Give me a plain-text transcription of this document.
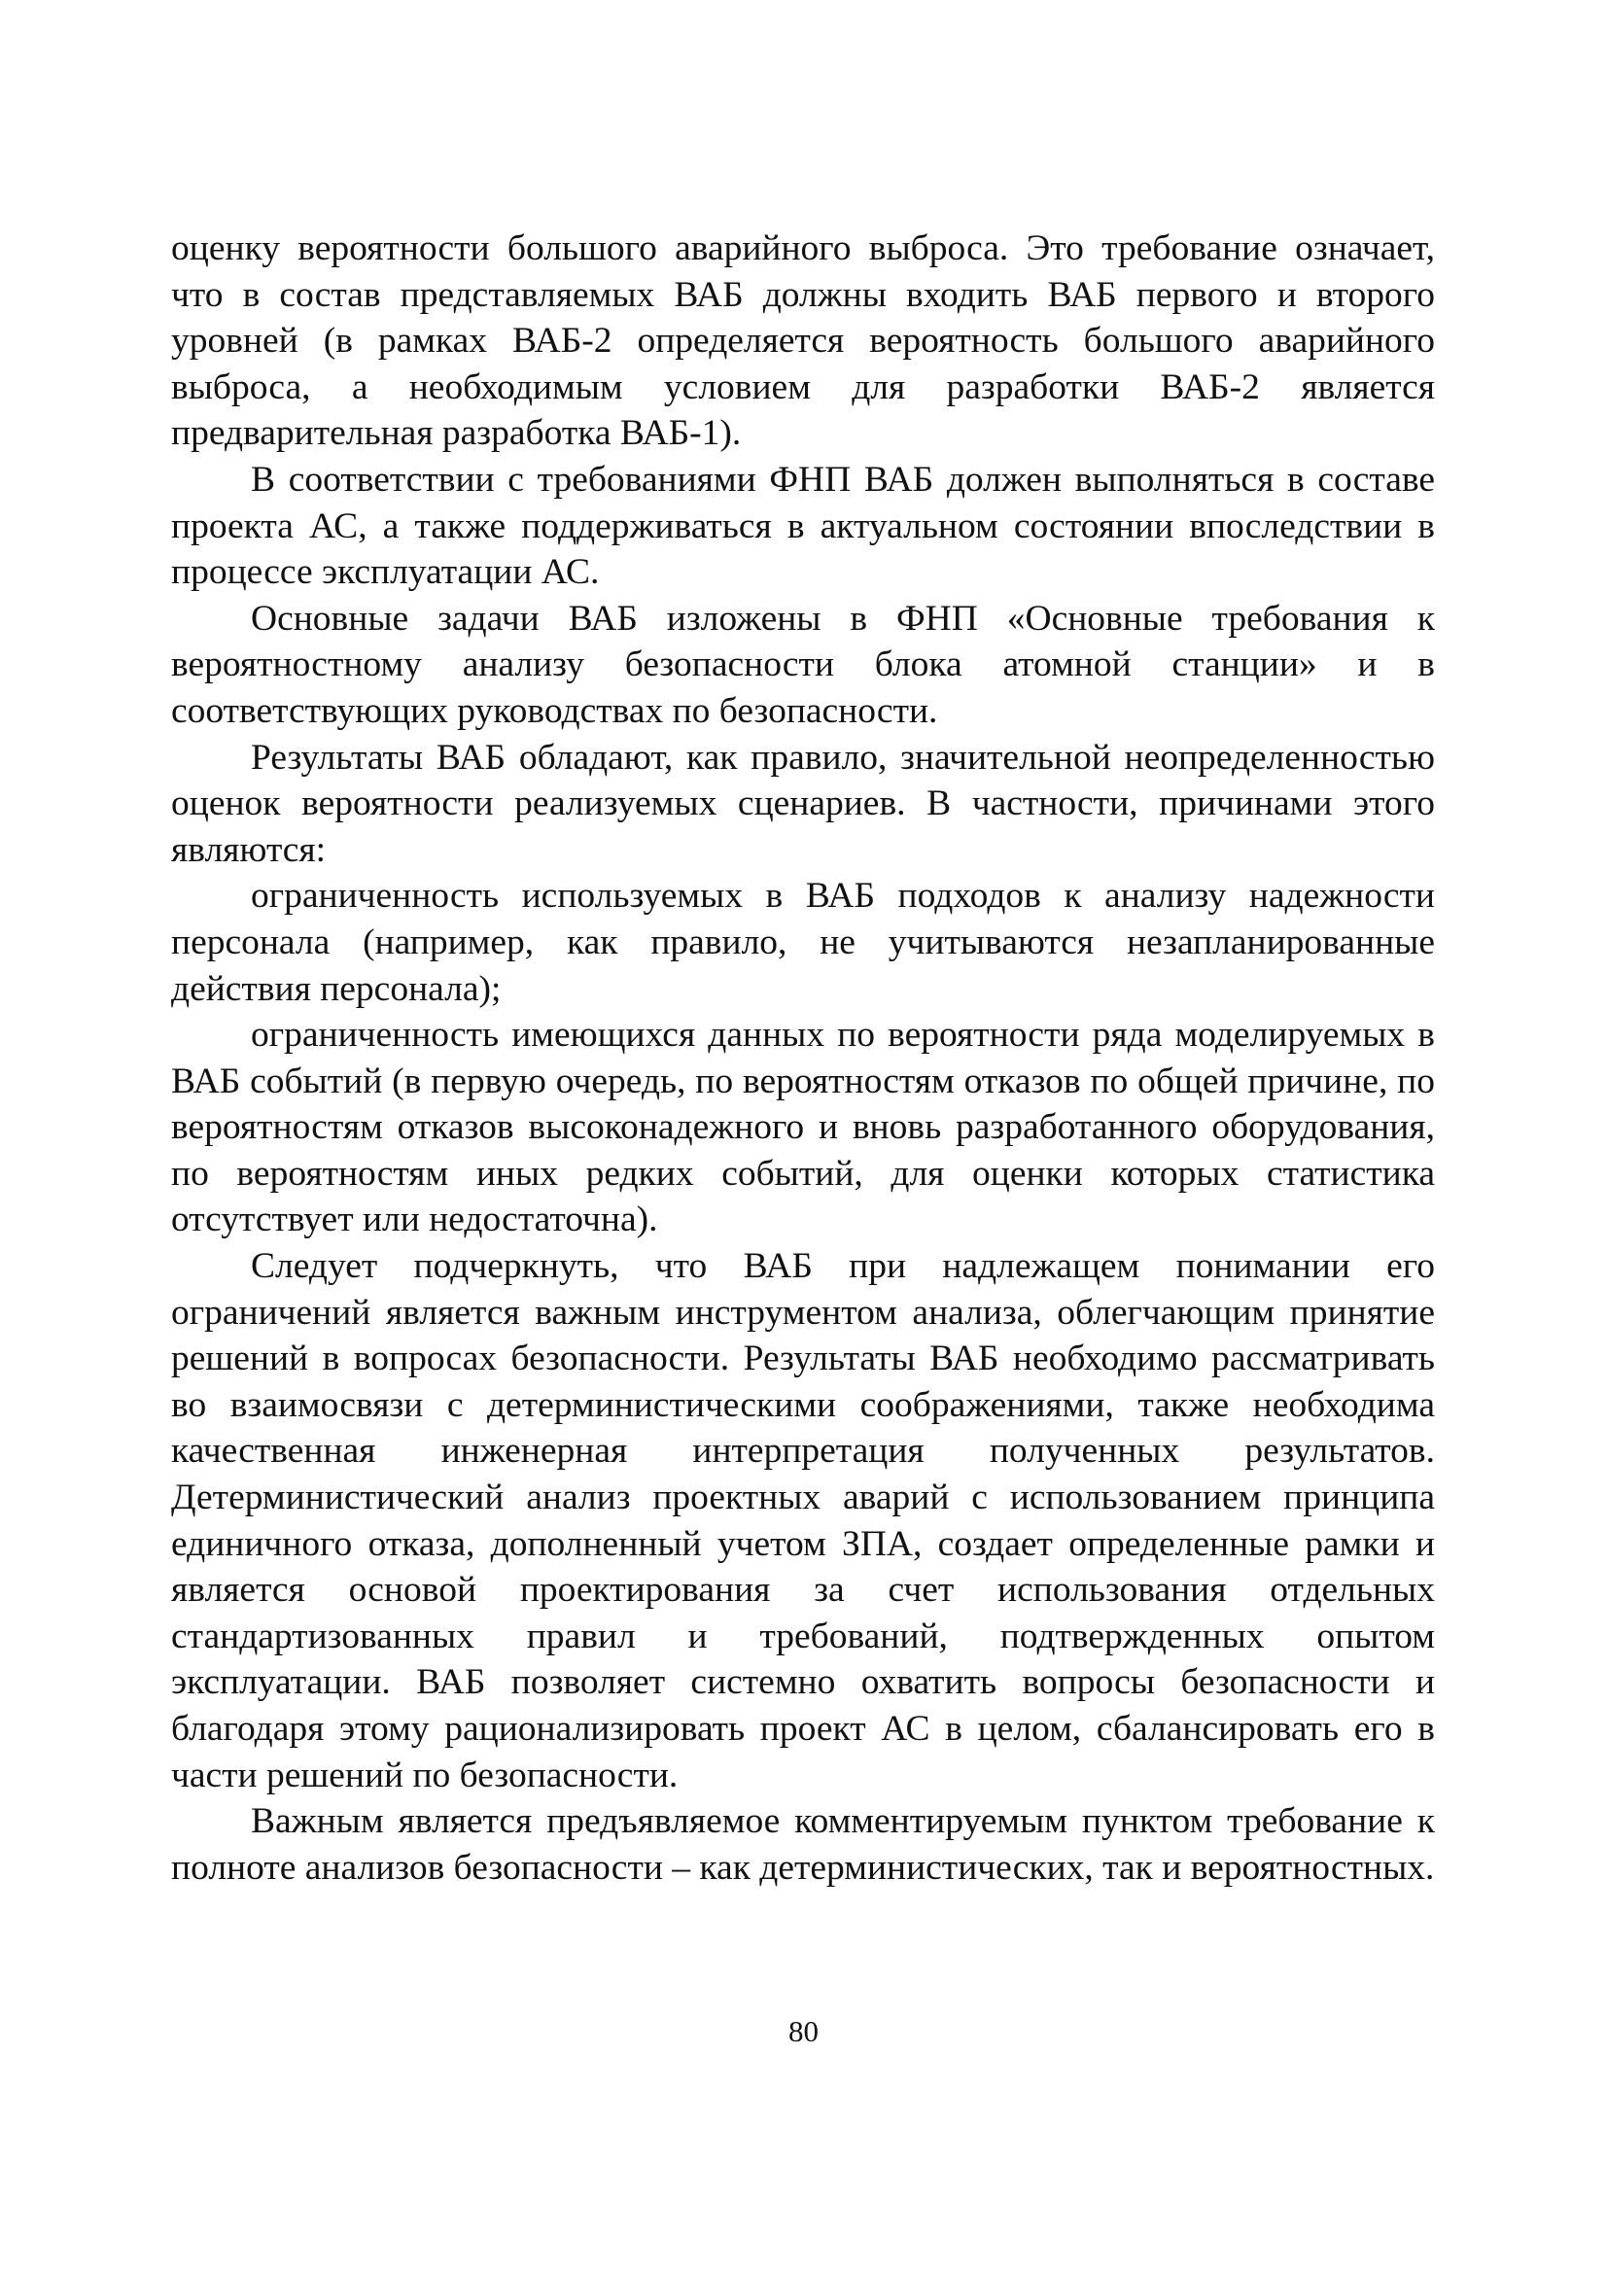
оценку вероятности большого аварийного выброса. Это требование означает, что в состав представляемых ВАБ должны входить ВАБ первого и второго уровней (в рамках ВАБ-2 определяется вероятность большого аварийного выброса, а необходимым условием для разработки ВАБ-2 является предварительная разработка ВАБ-1).

В соответствии с требованиями ФНП ВАБ должен выполняться в составе проекта АС, а также поддерживаться в актуальном состоянии впоследствии в процессе эксплуатации АС.

Основные задачи ВАБ изложены в ФНП «Основные требования к вероятностному анализу безопасности блока атомной станции» и в соответствующих руководствах по безопасности.

Результаты ВАБ обладают, как правило, значительной неопределенностью оценок вероятности реализуемых сценариев. В частности, причинами этого являются:

ограниченность используемых в ВАБ подходов к анализу надежности персонала (например, как правило, не учитываются незапланированные действия персонала);

ограниченность имеющихся данных по вероятности ряда моделируемых в ВАБ событий (в первую очередь, по вероятностям отказов по общей причине, по вероятностям отказов высоконадежного и вновь разработанного оборудования, по вероятностям иных редких событий, для оценки которых статистика отсутствует или недостаточна).

Следует подчеркнуть, что ВАБ при надлежащем понимании его ограничений является важным инструментом анализа, облегчающим принятие решений в вопросах безопасности. Результаты ВАБ необходимо рассматривать во взаимосвязи с детерминистическими соображениями, также необходима качественная инженерная интерпретация полученных результатов. Детерминистический анализ проектных аварий с использованием принципа единичного отказа, дополненный учетом ЗПА, создает определенные рамки и является основой проектирования за счет использования отдельных стандартизованных правил и требований, подтвержденных опытом эксплуатации. ВАБ позволяет системно охватить вопросы безопасности и благодаря этому рационализировать проект АС в целом, сбалансировать его в части решений по безопасности.

Важным является предъявляемое комментируемым пунктом требование к полноте анализов безопасности – как детерминистических, так и вероятностных.

80
